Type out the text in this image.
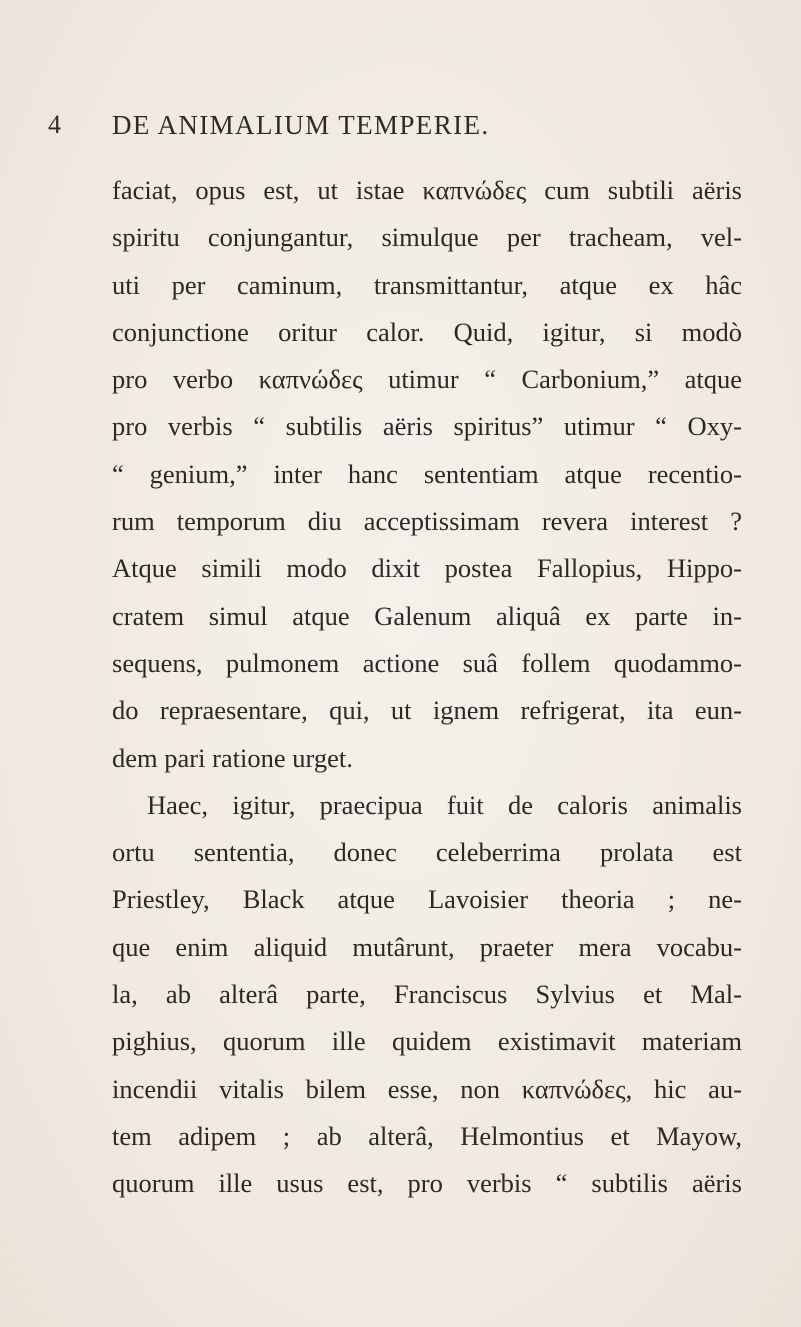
4 DE ANIMALIUM TEMPERIE.
faciat, opus est, ut istae καπνώδες cum subtili aëris
spiritu conjungantur, simulque per tracheam, vel-
uti per caminum, transmittantur, atque ex hâc
conjunctione oritur calor. Quid, igitur, si modò
pro verbo καπνώδες utimur “ Carbonium,” atque
pro verbis “ subtilis aëris spiritus” utimur “ Oxy-
“ genium,” inter hanc sententiam atque recentio-
rum temporum diu acceptissimam revera interest ?
Atque simili modo dixit postea Fallopius, Hippo-
cratem simul atque Galenum aliquâ ex parte in-
sequens, pulmonem actione suâ follem quodammo-
do repraesentare, qui, ut ignem refrigerat, ita eun-
dem pari ratione urget.
Haec, igitur, praecipua fuit de caloris animalis
ortu sententia, donec celeberrima prolata est
Priestley, Black atque Lavoisier theoria ; ne-
que enim aliquid mutârunt, praeter mera vocabu-
la, ab alterâ parte, Franciscus Sylvius et Mal-
pighius, quorum ille quidem existimavit materiam
incendii vitalis bilem esse, non καπνώδες, hic au-
tem adipem ; ab alterâ, Helmontius et Mayow,
quorum ille usus est, pro verbis “ subtilis aëris
